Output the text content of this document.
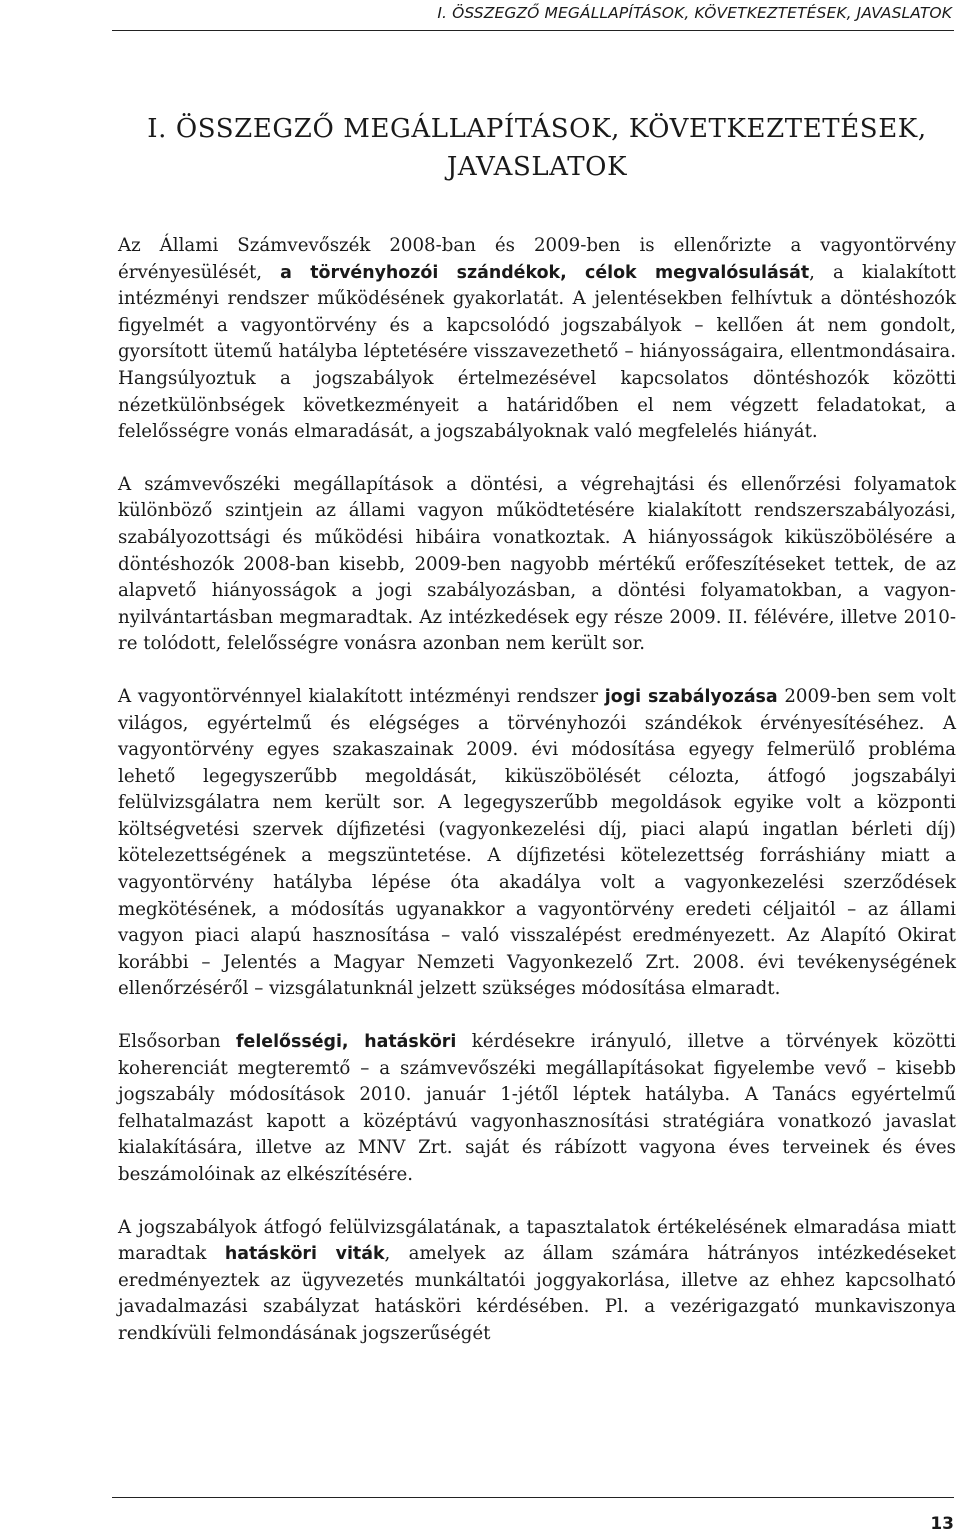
I. ÖSSZEGZŐ MEGÁLLAPÍTÁSOK, KÖVETKEZTETÉSEK, JAVASLATOK
I. ÖSSZEGZŐ MEGÁLLAPÍTÁSOK, KÖVETKEZTETÉSEK,
JAVASLATOK

Az Állami Számvevőszék 2008-ban és 2009-ben is ellenőrizte a vagyontörvény érvényesülését, a törvényhozói szándékok, célok megvalósulását, a kialakított intézményi rendszer működésének gyakorlatát. A jelentésekben felhívtuk a döntéshozók figyelmét a vagyontörvény és a kapcsolódó jogszabályok – kellően át nem gondolt, gyorsított ütemű hatályba léptetésére visszavezethető – hiányosságaira, ellentmondásaira. Hangsúlyoztuk a jogszabályok értelmezésével kapcsolatos döntéshozók közötti nézetkülönbségek következményeit a határidőben el nem végzett feladatokat, a felelősségre vonás elmaradását, a jogszabályoknak való megfelelés hiányát.

A számvevőszéki megállapítások a döntési, a végrehajtási és ellenőrzési folyamatok különböző szintjein az állami vagyon működtetésére kialakított rendszerszabályozási, szabályozottsági és működési hibáira vonatkoztak. A hiányosságok kiküszöbölésére a döntéshozók 2008-ban kisebb, 2009-ben nagyobb mértékű erőfeszítéseket tettek, de az alapvető hiányosságok a jogi szabályozásban, a döntési folyamatokban, a vagyon-nyilvántartásban megmaradtak. Az intézkedések egy része 2009. II. félévére, illetve 2010-re tolódott, felelősségre vonásra azonban nem került sor.

A vagyontörvénnyel kialakított intézményi rendszer jogi szabályozása 2009-ben sem volt világos, egyértelmű és elégséges a törvényhozói szándékok érvényesítéséhez. A vagyontörvény egyes szakaszainak 2009. évi módosítása egyegy felmerülő probléma lehető legegyszerűbb megoldását, kiküszöbölését célozta, átfogó jogszabályi felülvizsgálatra nem került sor. A legegyszerűbb megoldások egyike volt a központi költségvetési szervek díjfizetési (vagyonkezelési díj, piaci alapú ingatlan bérleti díj) kötelezettségének a megszüntetése. A díjfizetési kötelezettség forráshiány miatt a vagyontörvény hatályba lépése óta akadálya volt a vagyonkezelési szerződések megkötésének, a módosítás ugyanakkor a vagyontörvény eredeti céljaitól – az állami vagyon piaci alapú hasznosítása – való visszalépést eredményezett. Az Alapító Okirat korábbi – Jelentés a Magyar Nemzeti Vagyonkezelő Zrt. 2008. évi tevékenységének ellenőrzéséről – vizsgálatunknál jelzett szükséges módosítása elmaradt.

Elsősorban felelősségi, hatásköri kérdésekre irányuló, illetve a törvények közötti koherenciát megteremtő – a számvevőszéki megállapításokat figyelembe vevő – kisebb jogszabály módosítások 2010. január 1-jétől léptek hatályba. A Tanács egyértelmű felhatalmazást kapott a középtávú vagyonhasznosítási stratégiára vonatkozó javaslat kialakítására, illetve az MNV Zrt. saját és rábízott vagyona éves terveinek és éves beszámolóinak az elkészítésére.

A jogszabályok átfogó felülvizsgálatának, a tapasztalatok értékelésének elmaradása miatt maradtak hatásköri viták, amelyek az állam számára hátrányos intézkedéseket eredményeztek az ügyvezetés munkáltatói joggyakorlása, illetve az ehhez kapcsolható javadalmazási szabályzat hatásköri kérdésében. Pl. a vezérigazgató munkaviszonya rendkívüli felmondásának jogszerűségét

13
